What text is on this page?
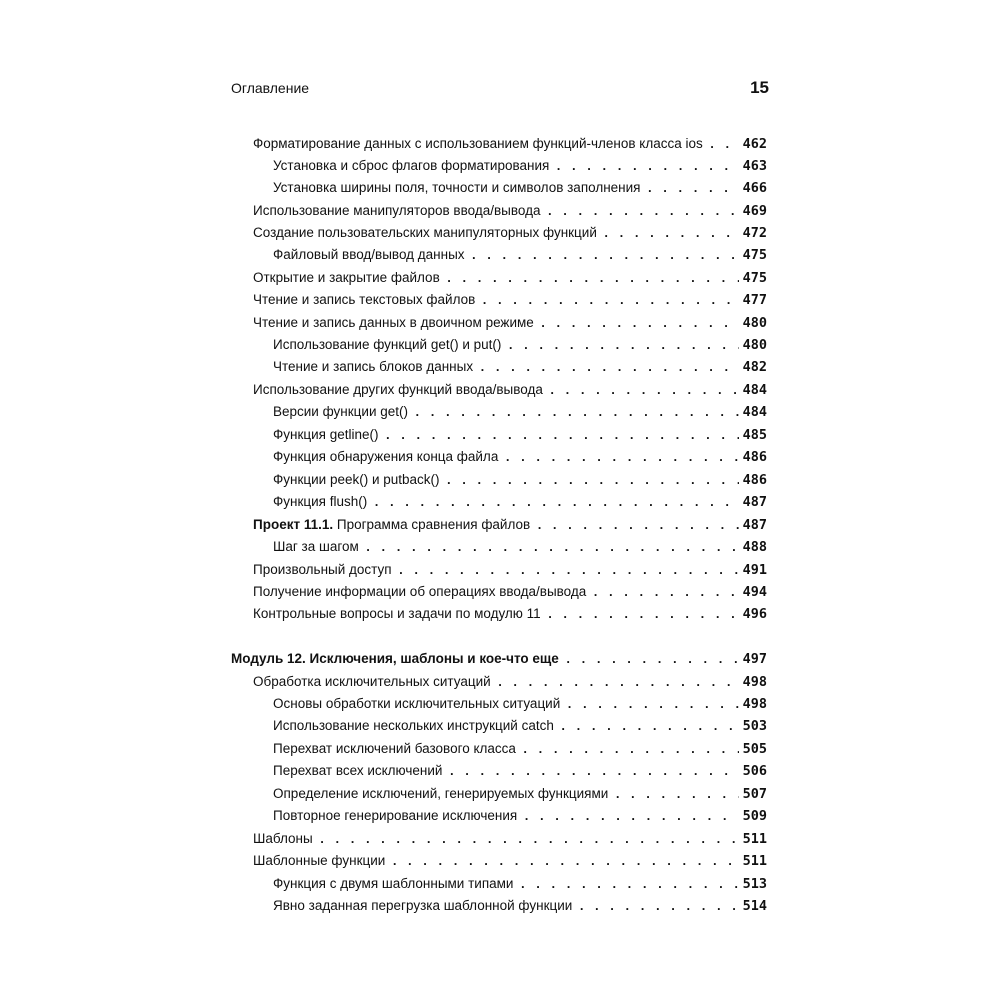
Оглавление	15
Форматирование данных с использованием функций-членов класса ios . . .	462
Установка и сброс флагов форматирования . . .	463
Установка ширины поля, точности и символов заполнения . . .	466
Использование манипуляторов ввода/вывода . . .	469
Создание пользовательских манипуляторных функций . . .	472
Файловый ввод/вывод данных . . .	475
Открытие и закрытие файлов . . .	475
Чтение и запись текстовых файлов . . .	477
Чтение и запись данных в двоичном режиме . . .	480
Использование функций get() и put() . . .	480
Чтение и запись блоков данных . . .	482
Использование других функций ввода/вывода . . .	484
Версии функции get() . . .	484
Функция getline() . . .	485
Функция обнаружения конца файла . . .	486
Функции peek() и putback() . . .	486
Функция flush() . . .	487
Проект 11.1. Программа сравнения файлов . . .	487
Шаг за шагом . . .	488
Произвольный доступ . . .	491
Получение информации об операциях ввода/вывода . . .	494
Контрольные вопросы и задачи по модулю 11 . . .	496
Модуль 12. Исключения, шаблоны и кое-что еще . . .	497
Обработка исключительных ситуаций . . .	498
Основы обработки исключительных ситуаций . . .	498
Использование нескольких инструкций catch . . .	503
Перехват исключений базового класса . . .	505
Перехват всех исключений . . .	506
Определение исключений, генерируемых функциями . . .	507
Повторное генерирование исключения . . .	509
Шаблоны . . .	511
Шаблонные функции . . .	511
Функция с двумя шаблонными типами . . .	513
Явно заданная перегрузка шаблонной функции . . .	514
